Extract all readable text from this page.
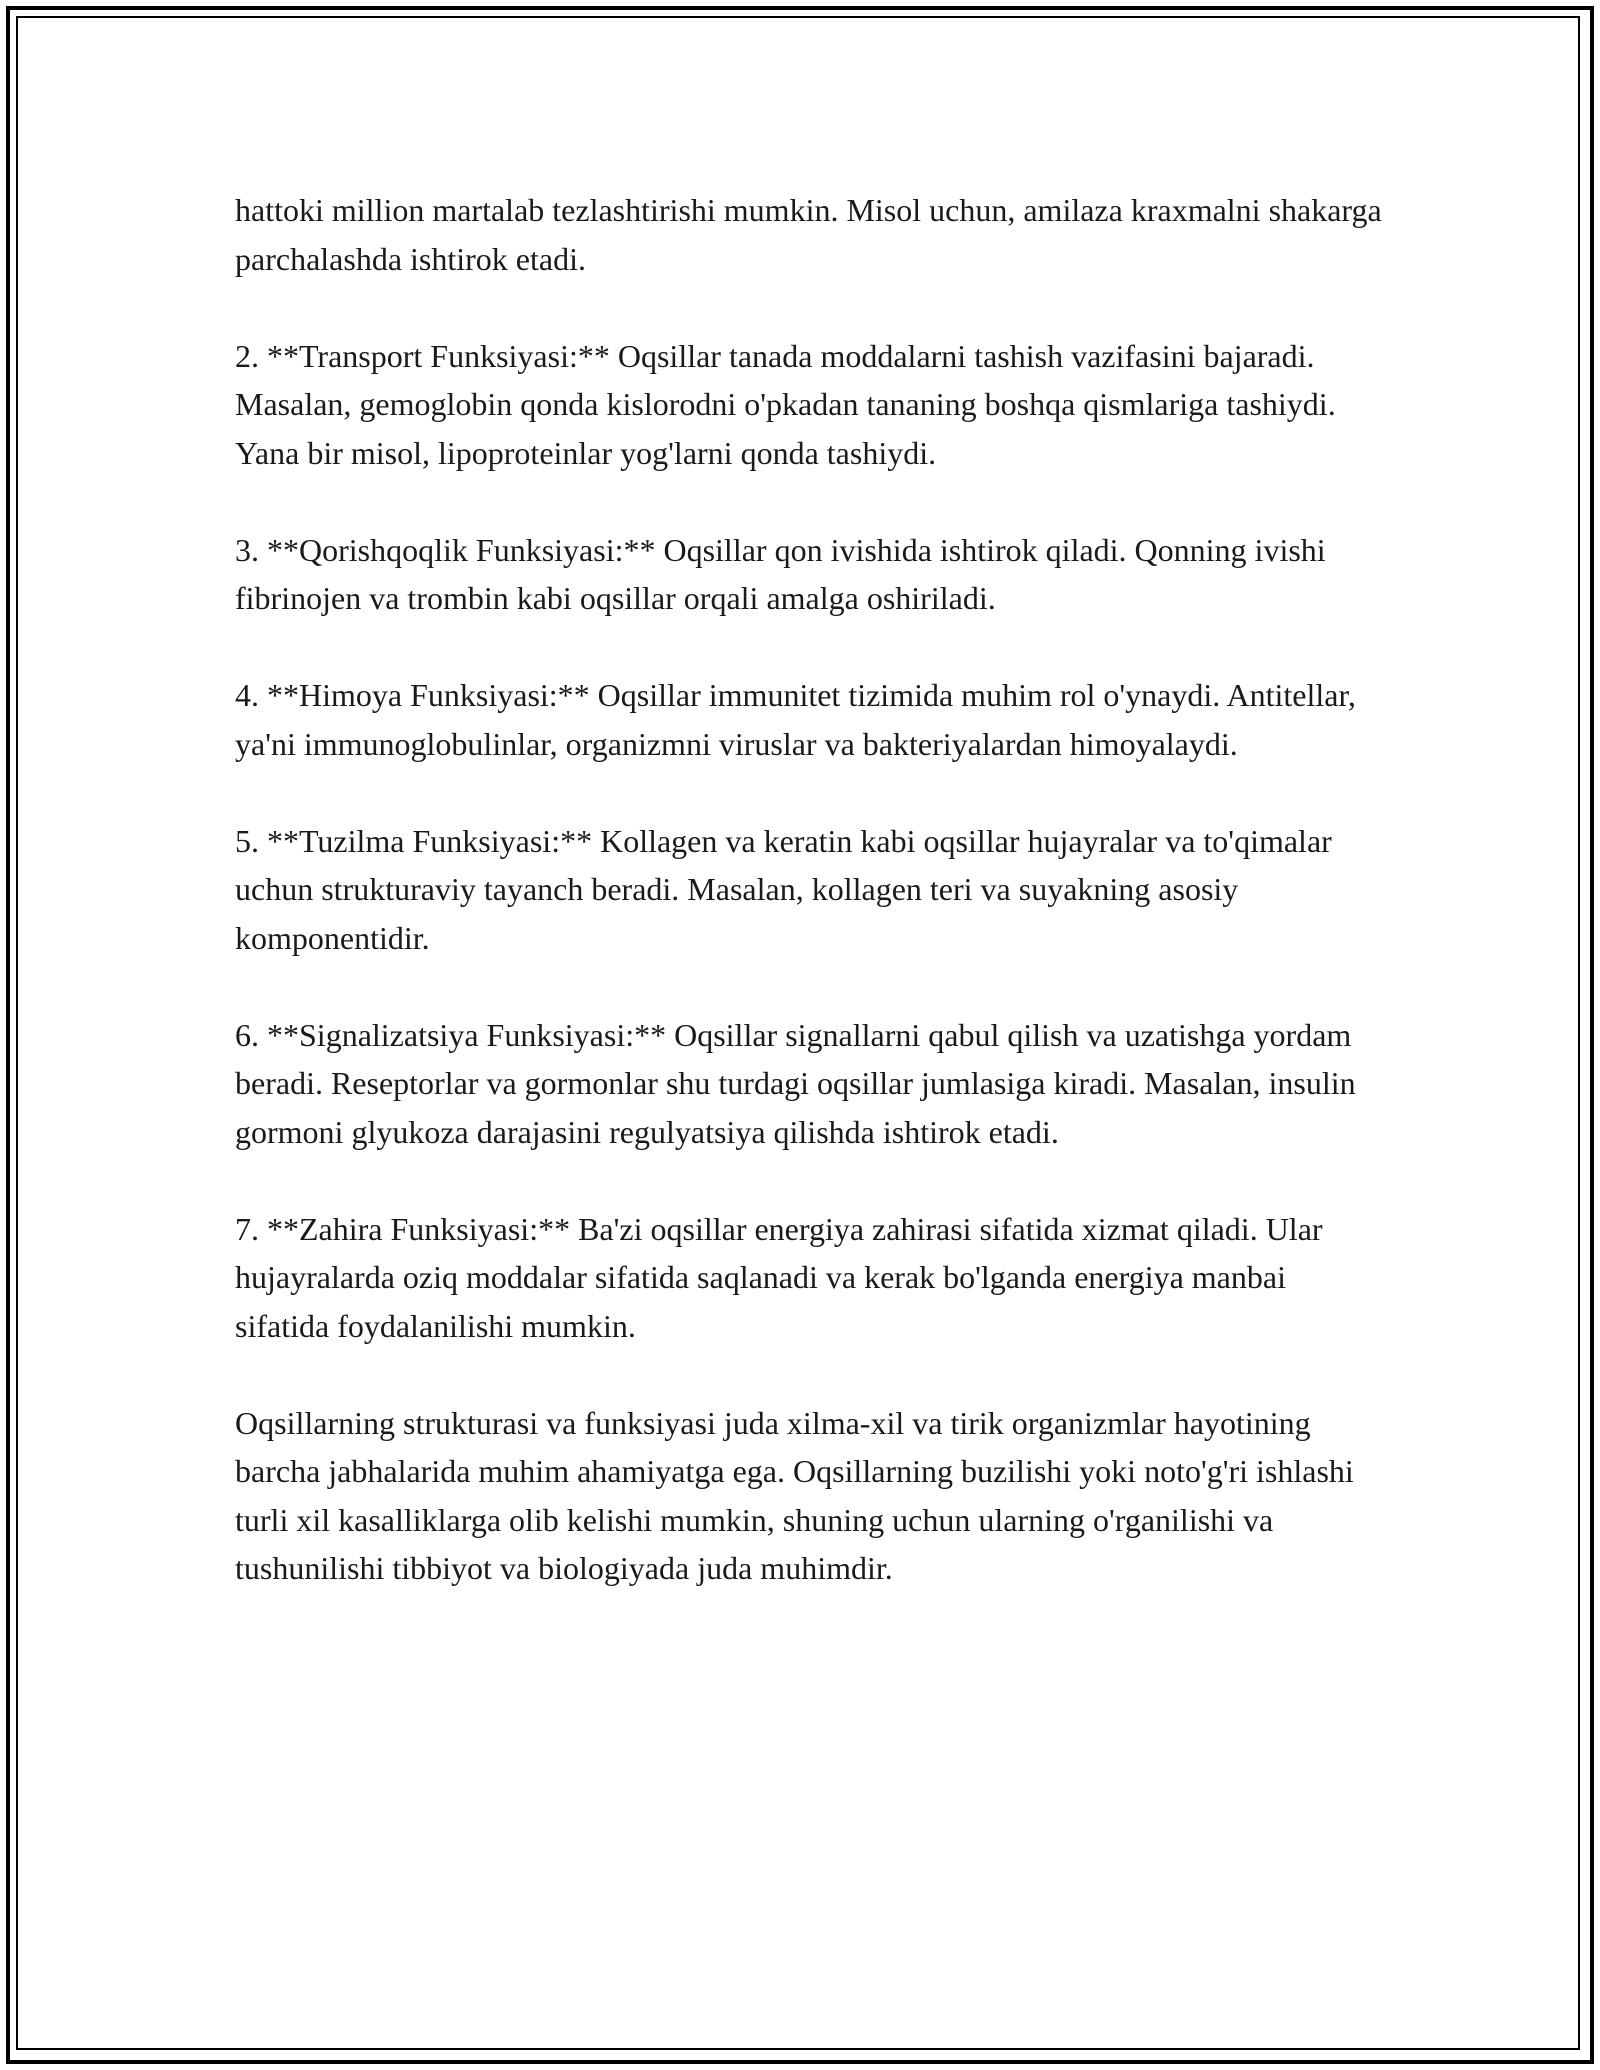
hattoki million martalab tezlashtirishi mumkin. Misol uchun, amilaza kraxmalni shakarga parchalashda ishtirok etadi.

2. **Transport Funksiyasi:** Oqsillar tanada moddalarni tashish vazifasini bajaradi. Masalan, gemoglobin qonda kislorodni o'pkadan tananing boshqa qismlariga tashiydi. Yana bir misol, lipoproteinlar yog'larni qonda tashiydi.

3. **Qorishqoqlik Funksiyasi:** Oqsillar qon ivishida ishtirok qiladi. Qonning ivishi fibrinojen va trombin kabi oqsillar orqali amalga oshiriladi.

4. **Himoya Funksiyasi:** Oqsillar immunitet tizimida muhim rol o'ynaydi. Antitellar, ya'ni immunoglobulinlar, organizmni viruslar va bakteriyalardan himoyalaydi.

5. **Tuzilma Funksiyasi:** Kollagen va keratin kabi oqsillar hujayralar va to'qimalar uchun strukturaviy tayanch beradi. Masalan, kollagen teri va suyakning asosiy komponentidir.

6. **Signalizatsiya Funksiyasi:** Oqsillar signallarni qabul qilish va uzatishga yordam beradi. Reseptorlar va gormonlar shu turdagi oqsillar jumlasiga kiradi. Masalan, insulin gormoni glyukoza darajasini regulyatsiya qilishda ishtirok etadi.

7. **Zahira Funksiyasi:** Ba'zi oqsillar energiya zahirasi sifatida xizmat qiladi. Ular hujayralarda oziq moddalar sifatida saqlanadi va kerak bo'lganda energiya manbai sifatida foydalanilishi mumkin.

Oqsillarning strukturasi va funksiyasi juda xilma-xil va tirik organizmlar hayotining barcha jabhalarida muhim ahamiyatga ega. Oqsillarning buzilishi yoki noto'g'ri ishlashi turli xil kasalliklarga olib kelishi mumkin, shuning uchun ularning o'rganilishi va tushunilishi tibbiyot va biologiyada juda muhimdir.
